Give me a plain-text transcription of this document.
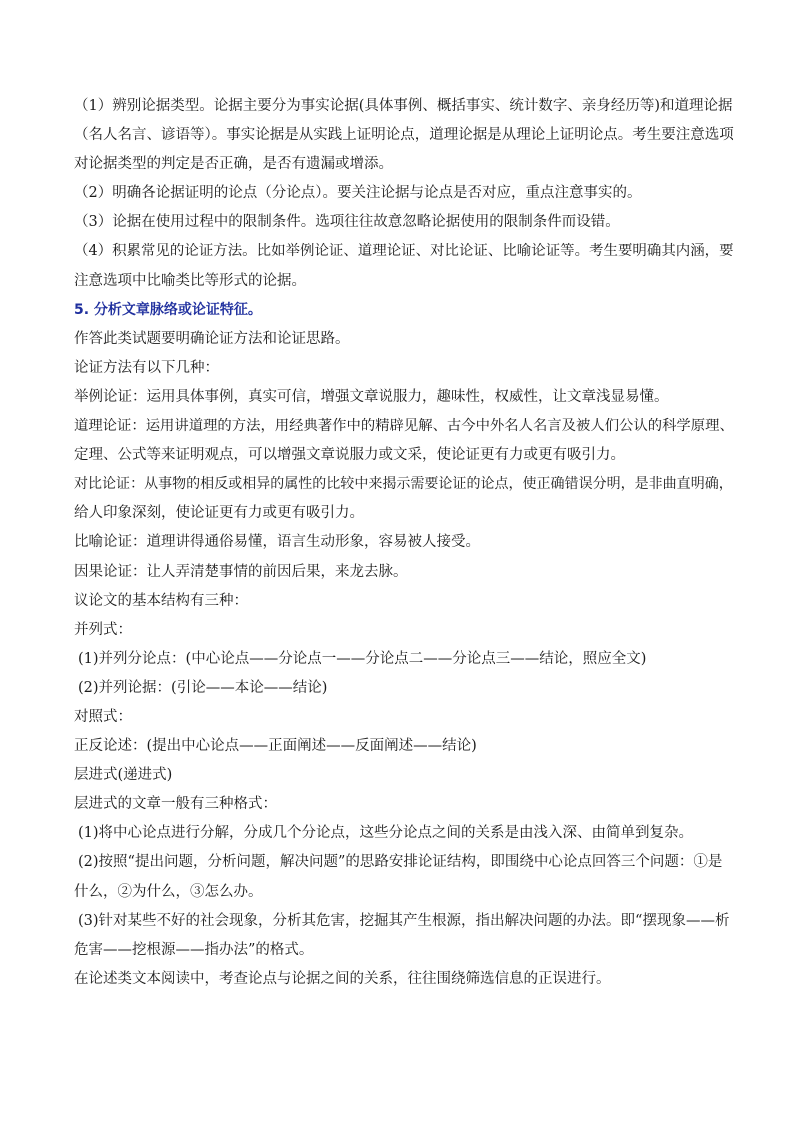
（1）辨别论据类型。论据主要分为事实论据(具体事例、概括事实、统计数字、亲身经历等)和道理论据
（名人名言、谚语等）。事实论据是从实践上证明论点，道理论据是从理论上证明论点。考生要注意选项
对论据类型的判定是否正确，是否有遗漏或增添。
（2）明确各论据证明的论点（分论点）。要关注论据与论点是否对应，重点注意事实的。
（3）论据在使用过程中的限制条件。选项往往故意忽略论据使用的限制条件而设错。
（4）积累常见的论证方法。比如举例论证、道理论证、对比论证、比喻论证等。考生要明确其内涵，要
注意选项中比喻类比等形式的论据。
5. 分析文章脉络或论证特征。
作答此类试题要明确论证方法和论证思路。
论证方法有以下几种：
举例论证：运用具体事例，真实可信，增强文章说服力，趣味性，权威性，让文章浅显易懂。
道理论证：运用讲道理的方法，用经典著作中的精辟见解、古今中外名人名言及被人们公认的科学原理、
定理、公式等来证明观点，可以增强文章说服力或文采，使论证更有力或更有吸引力。
对比论证：从事物的相反或相异的属性的比较中来揭示需要论证的论点，使正确错误分明，是非曲直明确，
给人印象深刻，使论证更有力或更有吸引力。
比喻论证：道理讲得通俗易懂，语言生动形象，容易被人接受。
因果论证：让人弄清楚事情的前因后果，来龙去脉。
议论文的基本结构有三种：
并列式：
(1)并列分论点：(中心论点——分论点一——分论点二——分论点三——结论，照应全文)
(2)并列论据：(引论——本论——结论)
对照式：
正反论述：(提出中心论点——正面阐述——反面阐述——结论)
层进式(递进式)
层进式的文章一般有三种格式：
(1)将中心论点进行分解，分成几个分论点，这些分论点之间的关系是由浅入深、由简单到复杂。
(2)按照“提出问题，分析问题，解决问题”的思路安排论证结构，即围绕中心论点回答三个问题：①是
什么，②为什么，③怎么办。
(3)针对某些不好的社会现象，分析其危害，挖掘其产生根源，指出解决问题的办法。即“摆现象——析
危害——挖根源——指办法”的格式。
在论述类文本阅读中，考查论点与论据之间的关系，往往围绕筛选信息的正误进行。
